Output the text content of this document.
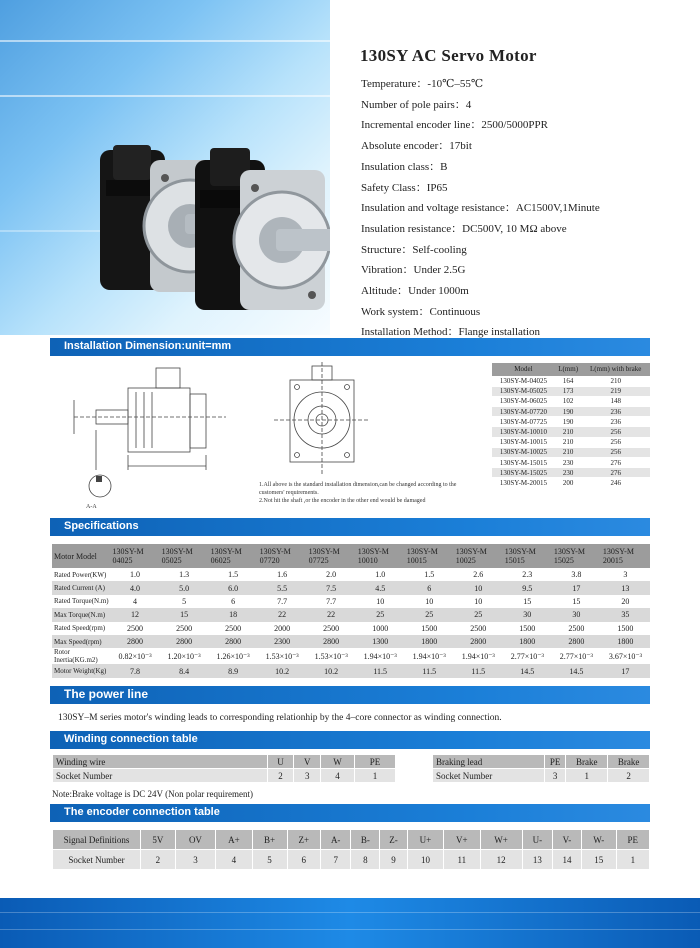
130SY AC Servo Motor
Temperature：-10℃–55℃
Number of pole pairs：4
Incremental encoder line：2500/5000PPR
Absolute encoder：17bit
Insulation class：B
Safety Class：IP65
Insulation and voltage resistance：AC1500V,1Minute
Insulation resistance：DC500V, 10 MΩ above
Structure：Self-cooling
Vibration：Under 2.5G
Altitude：Under 1000m
Work system：Continuous
Installation Method：Flange installation
Installation Dimension:unit=mm
A-A
1.All above is the standard installation dimension,can be changed according to the customers' requirements.
2.Not hit the shaft ,or the encoder in the other end would be damaged
Model	L(mm)	L(mm) with brake
130SY-M-04025	164	210
130SY-M-05025	173	219
130SY-M-06025	102	148
130SY-M-07720	190	236
130SY-M-07725	190	236
130SY-M-10010	210	256
130SY-M-10015	210	256
130SY-M-10025	210	256
130SY-M-15015	230	276
130SY-M-15025	230	276
130SY-M-20015	200	246
Specifications
Motor Model	130SY-M 04025	130SY-M 05025	130SY-M 06025	130SY-M 07720	130SY-M 07725	130SY-M 10010	130SY-M 10015	130SY-M 10025	130SY-M 15015	130SY-M 15025	130SY-M 20015
Rated Power(KW)	1.0	1.3	1.5	1.6	2.0	1.0	1.5	2.6	2.3	3.8	3
Rated Current (A)	4.0	5.0	6.0	5.5	7.5	4.5	6	10	9.5	17	13
Rated Torque(N.m)	4	5	6	7.7	7.7	10	10	10	15	15	20
Max Torque(N.m)	12	15	18	22	22	25	25	25	30	30	35
Rated Speed(rpm)	2500	2500	2500	2000	2500	1000	1500	2500	1500	2500	1500
Max Speed(rpm)	2800	2800	2800	2300	2800	1300	1800	2800	1800	2800	1800
Rotor Inertia(KG.m2)	0.82×10⁻³	1.20×10⁻³	1.26×10⁻³	1.53×10⁻³	1.53×10⁻³	1.94×10⁻³	1.94×10⁻³	1.94×10⁻³	2.77×10⁻³	2.77×10⁻³	3.67×10⁻³
Motor Weight(Kg)	7.8	8.4	8.9	10.2	10.2	11.5	11.5	11.5	14.5	14.5	17
The power line
130SY–M series motor's winding leads to corresponding relationhip by the 4–core connector as winding connection.
Winding connection table
Winding wire	U	V	W	PE
Socket Number	2	3	4	1
Braking lead	PE	Brake	Brake
Socket Number	3	1	2
Note:Brake voltage is DC 24V (Non polar requirement)
The encoder connection table
Signal Definitions	5V	OV	A+	B+	Z+	A-	B-	Z-	U+	V+	W+	U-	V-	W-	PE
Socket Number	2	3	4	5	6	7	8	9	10	11	12	13	14	15	1
